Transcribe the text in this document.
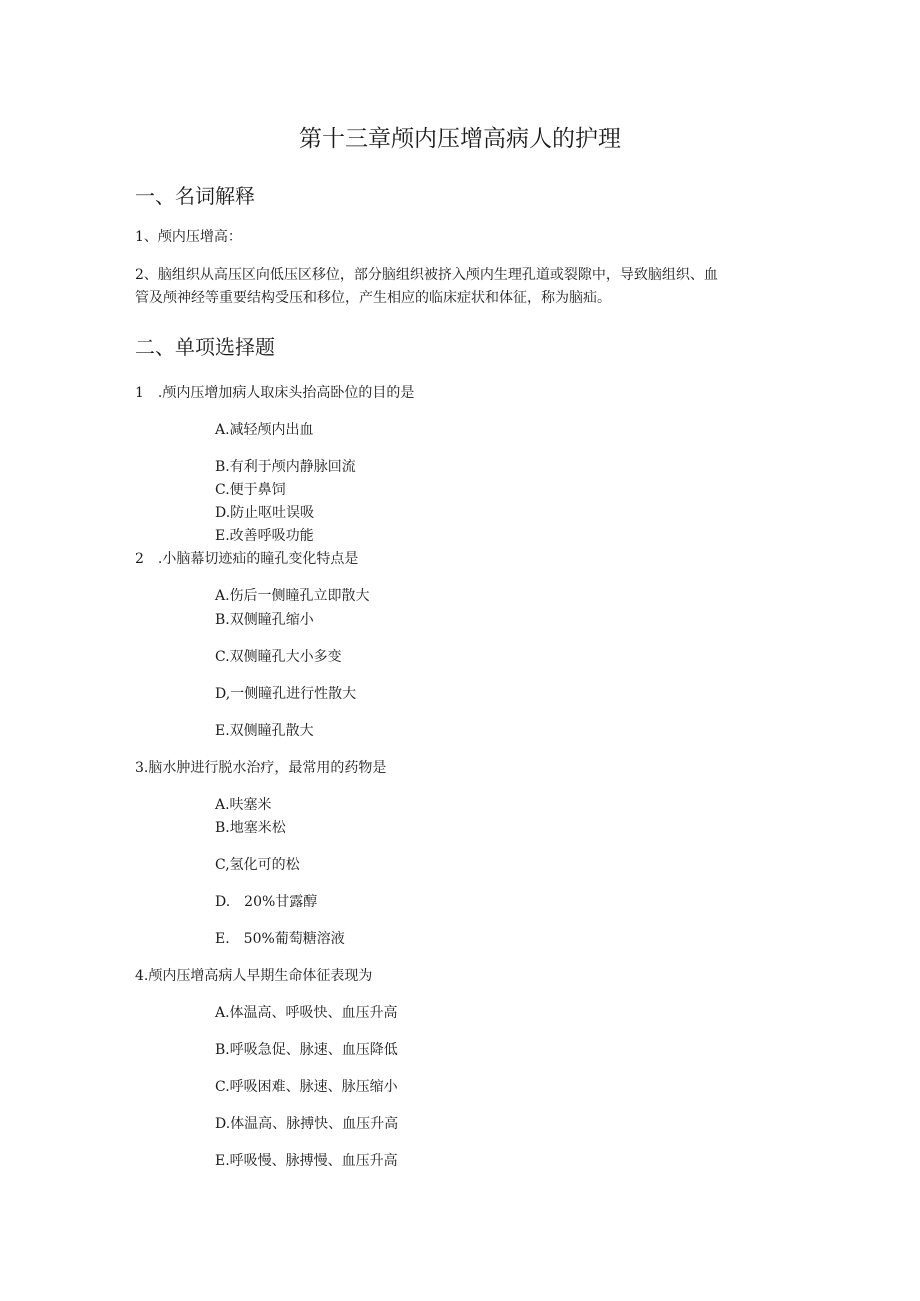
第十三章颅内压增高病人的护理
一、名词解释
1、颅内压增高：
2、脑组织从高压区向低压区移位，部分脑组织被挤入颅内生理孔道或裂隙中，导致脑组织、血
管及颅神经等重要结构受压和移位，产生相应的临床症状和体征，称为脑疝。
二、单项选择题
1　.颅内压增加病人取床头抬高卧位的目的是
A.减轻颅内出血
B.有利于颅内静脉回流
C.便于鼻饲
D.防止呕吐误吸
E.改善呼吸功能
2　.小脑幕切迹疝的瞳孔变化特点是
A.伤后一侧瞳孔立即散大
B.双侧瞳孔缩小
C.双侧瞳孔大小多变
D,一侧瞳孔进行性散大
E.双侧瞳孔散大
3.脑水肿进行脱水治疗，最常用的药物是
A.呋塞米
B.地塞米松
C,氢化可的松
D.　20%甘露醇
E.　50%葡萄糖溶液
4.颅内压增高病人早期生命体征表现为
A.体温高、呼吸快、血压升高
B.呼吸急促、脉速、血压降低
C.呼吸困难、脉速、脉压缩小
D.体温高、脉搏快、血压升高
E.呼吸慢、脉搏慢、血压升高
